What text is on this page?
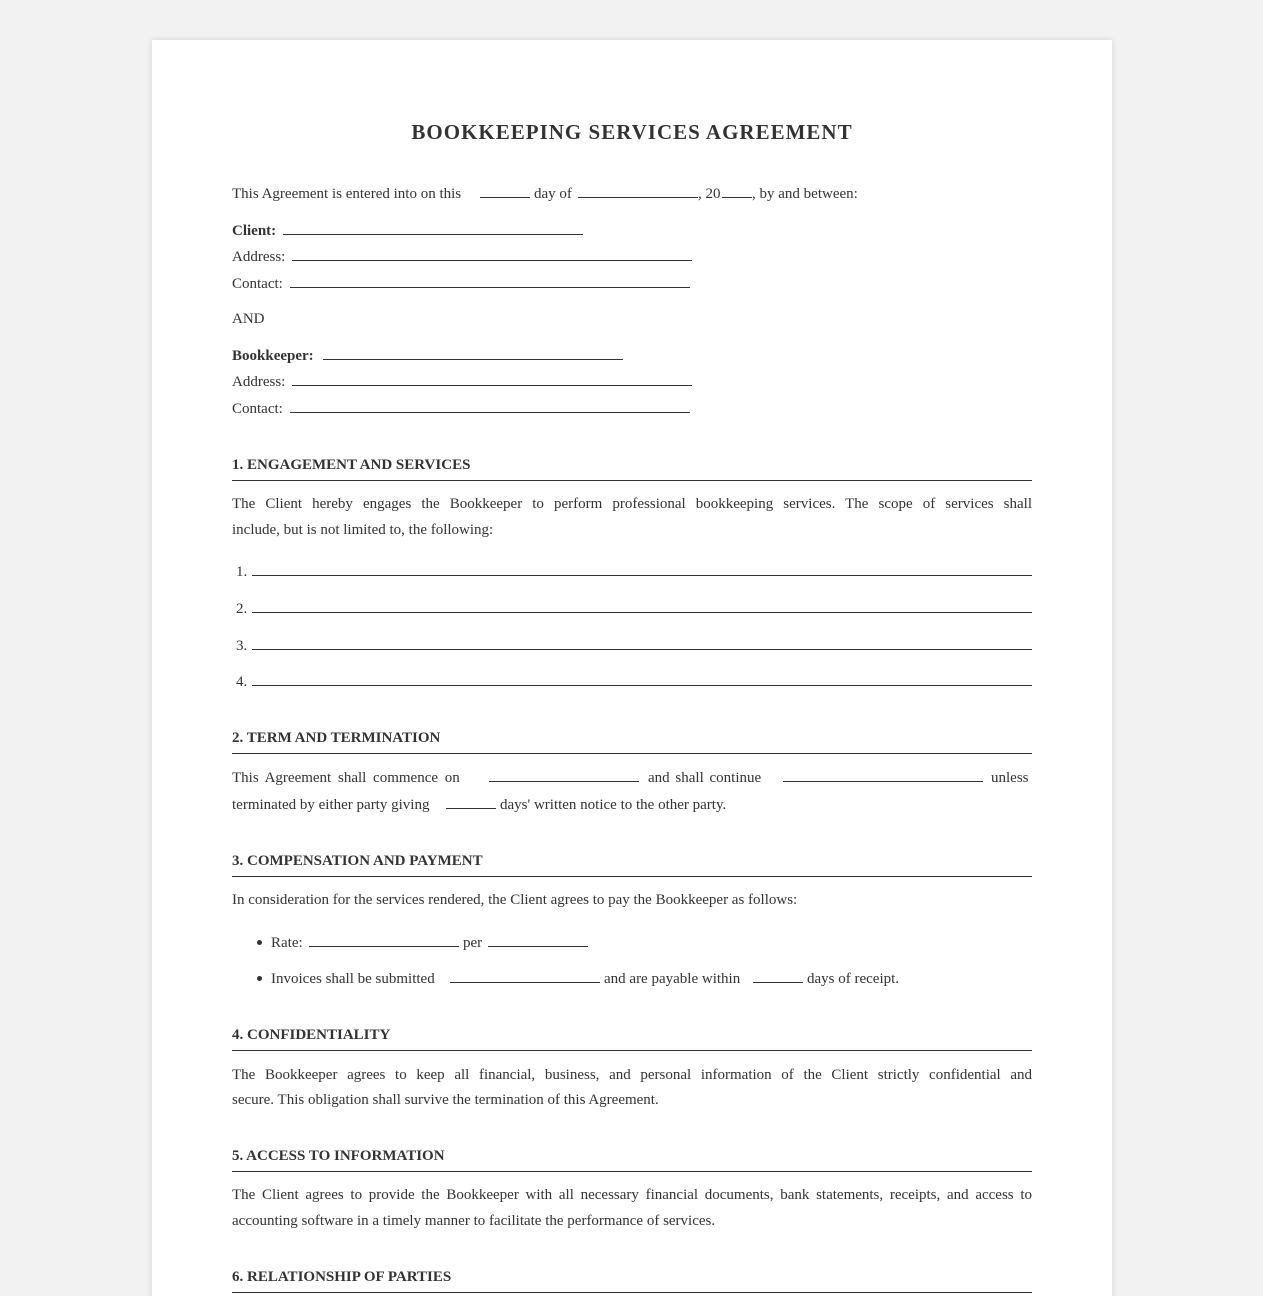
BOOKKEEPING SERVICES AGREEMENT
This Agreement is entered into on this	day of	, 20 , by and between:
Client:
Address:
Contact:
AND
Bookkeeper:
Address:
Contact:
1. ENGAGEMENT AND SERVICES
The Client hereby engages the Bookkeeper to perform professional bookkeeping services. The scope of services shall
include, but is not limited to, the following:
1.
2.
3.
4.
2. TERM AND TERMINATION
This Agreement shall commence on	and shall continue	unless
terminated by either party giving	days' written notice to the other party.
3. COMPENSATION AND PAYMENT
In consideration for the services rendered, the Client agrees to pay the Bookkeeper as follows:
Rate:	per
Invoices shall be submitted	and are payable within	days of receipt.
4. CONFIDENTIALITY
The Bookkeeper agrees to keep all financial, business, and personal information of the Client strictly confidential and
secure. This obligation shall survive the termination of this Agreement.
5. ACCESS TO INFORMATION
The Client agrees to provide the Bookkeeper with all necessary financial documents, bank statements, receipts, and access to
accounting software in a timely manner to facilitate the performance of services.
6. RELATIONSHIP OF PARTIES
